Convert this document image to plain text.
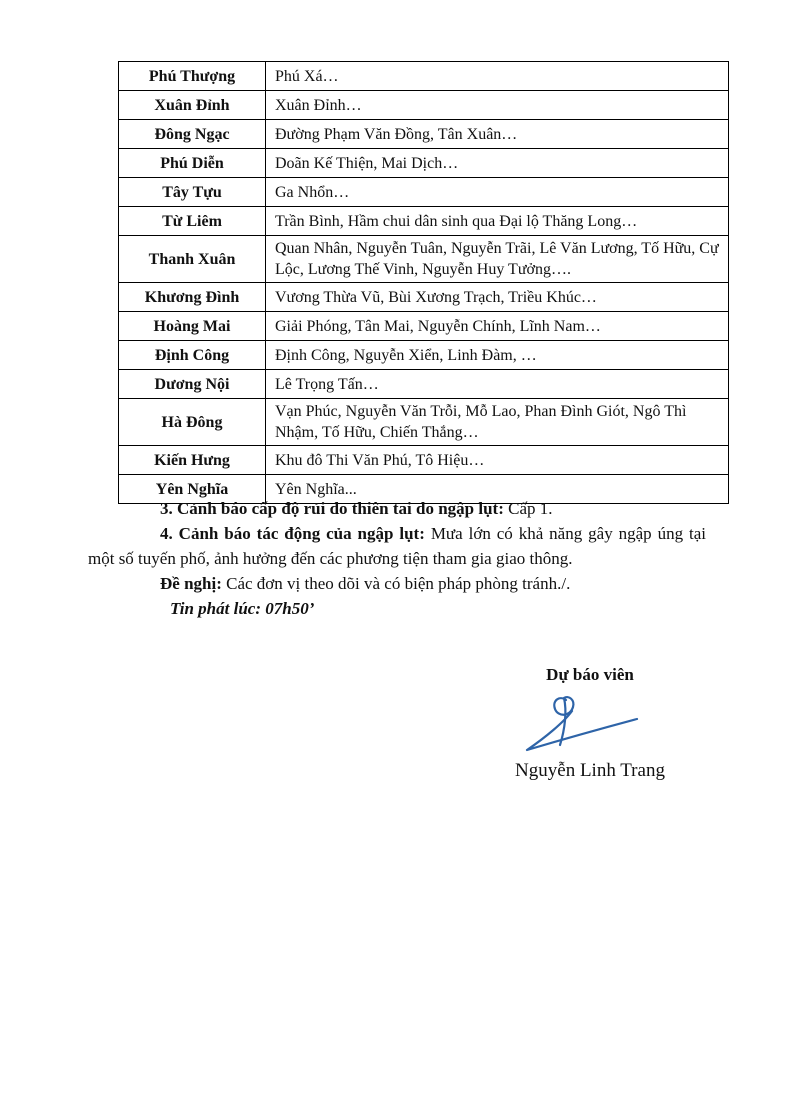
Phú Thượng	Phú Xá…
Xuân Đỉnh	Xuân Đỉnh…
Đông Ngạc	Đường Phạm Văn Đồng, Tân Xuân…
Phú Diễn	Doãn Kế Thiện, Mai Dịch…
Tây Tựu	Ga Nhổn…
Từ Liêm	Trần Bình, Hầm chui dân sinh qua Đại lộ Thăng Long…
Thanh Xuân	Quan Nhân, Nguyễn Tuân, Nguyễn Trãi, Lê Văn Lương, Tố Hữu, Cự Lộc, Lương Thế Vinh, Nguyễn Huy Tưởng….
Khương Đình	Vương Thừa Vũ, Bùi Xương Trạch, Triều Khúc…
Hoàng Mai	Giải Phóng, Tân Mai, Nguyễn Chính, Lĩnh Nam…
Định Công	Định Công, Nguyễn Xiển, Linh Đàm, …
Dương Nội	Lê Trọng Tấn…
Hà Đông	Vạn Phúc, Nguyễn Văn Trỗi, Mỗ Lao, Phan Đình Giót, Ngô Thì Nhậm, Tố Hữu, Chiến Thắng…
Kiến Hưng	Khu đô Thi Văn Phú, Tô Hiệu…
Yên Nghĩa	Yên Nghĩa...

3. Cảnh báo cấp độ rủi do thiên tai do ngập lụt: Cấp 1.

4. Cảnh báo tác động của ngập lụt: Mưa lớn có khả năng gây ngập úng tại một số tuyến phố, ảnh hưởng đến các phương tiện tham gia giao thông.

Đề nghị: Các đơn vị theo dõi và có biện pháp phòng tránh./.

Tin phát lúc: 07h50’

Dự báo viên
Nguyễn Linh Trang
